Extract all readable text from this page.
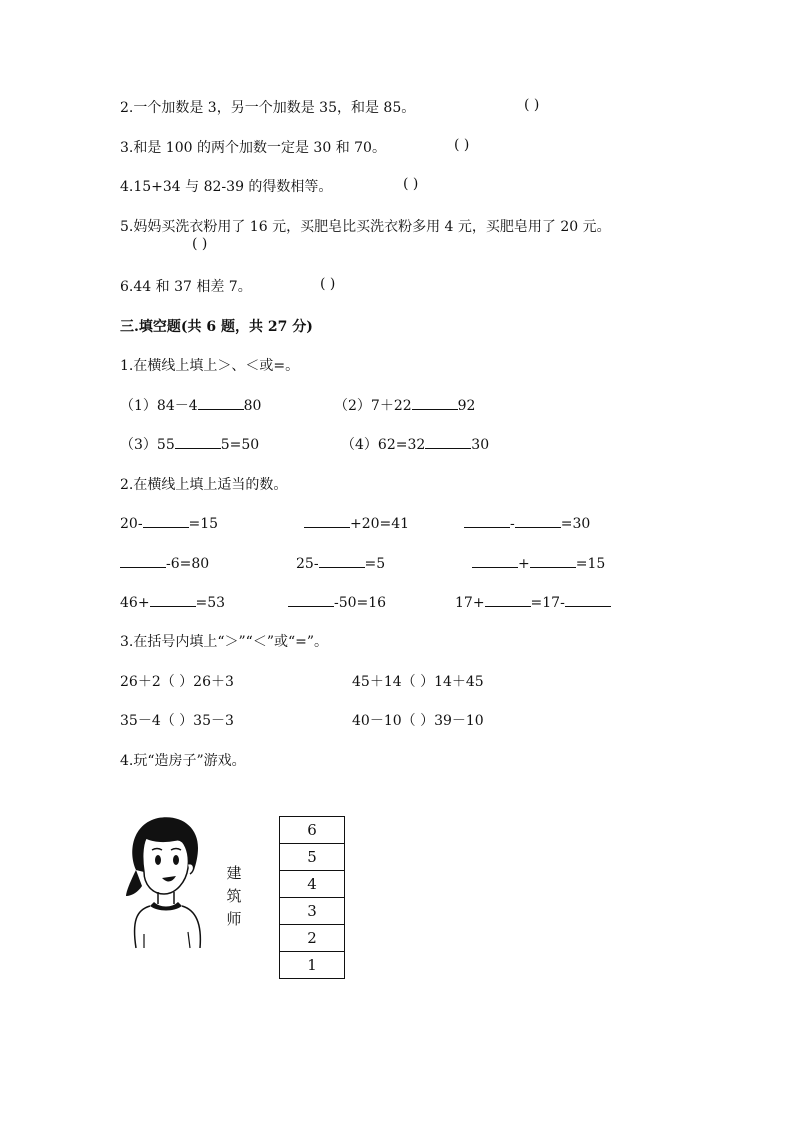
2.一个加数是 3，另一个加数是 35，和是 85。	( )
3.和是 100 的两个加数一定是 30 和 70。	( )
4.15+34 与 82-39 的得数相等。	( )
5.妈妈买洗衣粉用了 16 元，买肥皂比买洗衣粉多用 4 元，买肥皂用了 20 元。
( )
6.44 和 37 相差 7。	( )
三.填空题(共 6 题，共 27 分)
1.在横线上填上＞、＜或=。
（1）84－4	80	（2）7＋22	92
（3）55	5=50	（4）62=32	30
2.在横线上填上适当的数。
20-	=15	+20=41	-	=30
-6=80	25-	=5	+	=15
46+	=53	-50=16	17+	=17-
3.在括号内填上“＞”“＜”或“=”。
26＋2（ ）26＋3	45＋14（ ）14＋45
35－4（ ）35－3	40－10（ ）39－10
4.玩“造房子”游戏。
建
筑
师
6
5
4
3
2
1
